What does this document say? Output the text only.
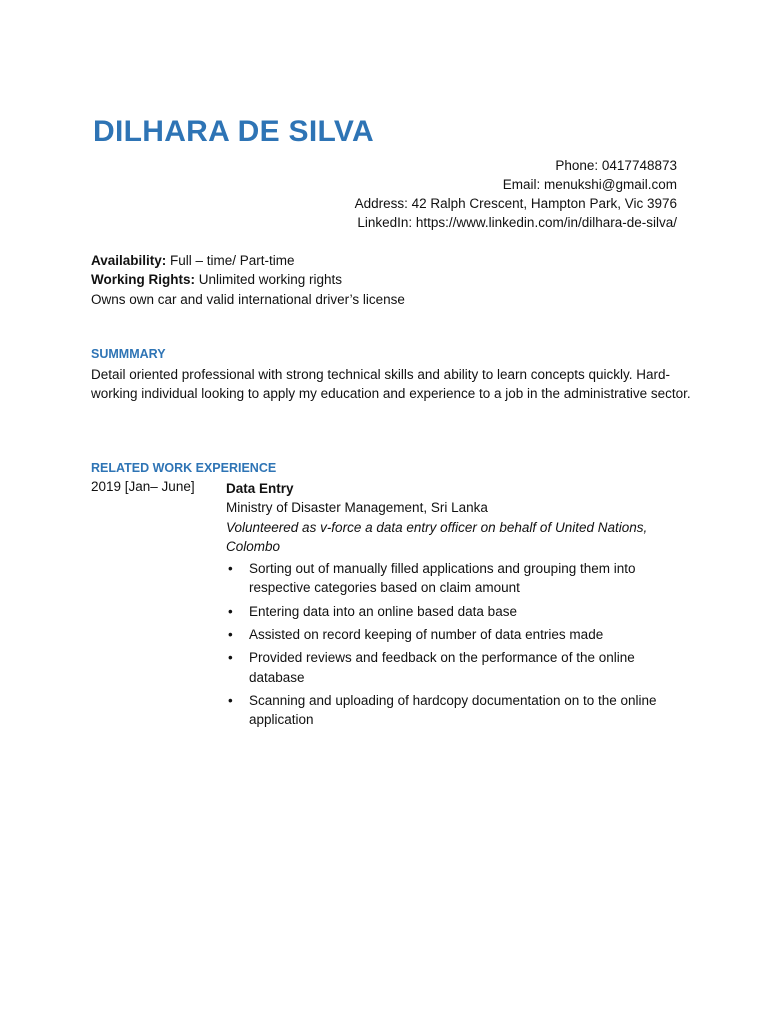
DILHARA DE SILVA
Phone: 0417748873
Email: menukshi@gmail.com
Address: 42 Ralph Crescent, Hampton Park, Vic 3976
LinkedIn: https://www.linkedin.com/in/dilhara-de-silva/
Availability: Full – time/ Part-time
Working Rights: Unlimited working rights
Owns own car and valid international driver’s license
SUMMMARY
Detail oriented professional with strong technical skills and ability to learn concepts quickly. Hard-working individual looking to apply my education and experience to a job in the administrative sector.
RELATED WORK EXPERIENCE
2019 [Jan– June] Data Entry
Ministry of Disaster Management, Sri Lanka
Volunteered as v-force a data entry officer on behalf of United Nations, Colombo
• Sorting out of manually filled applications and grouping them into respective categories based on claim amount
• Entering data into an online based data base
• Assisted on record keeping of number of data entries made
• Provided reviews and feedback on the performance of the online database
• Scanning and uploading of hardcopy documentation on to the online application
